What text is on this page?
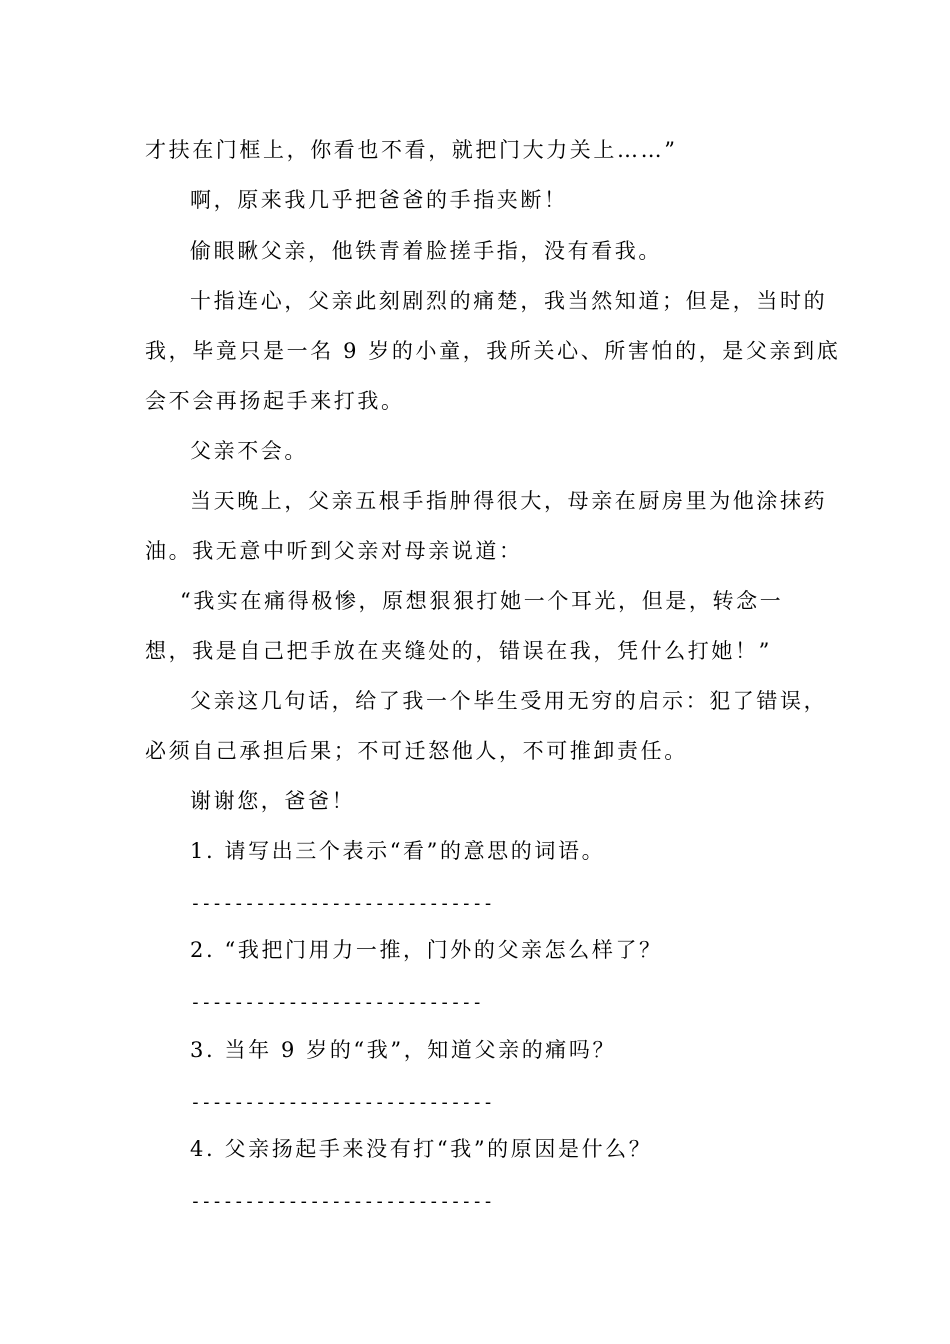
才扶在门框上，你看也不看，就把门大力关上……”
啊，原来我几乎把爸爸的手指夹断！
偷眼瞅父亲，他铁青着脸搓手指，没有看我。
十指连心，父亲此刻剧烈的痛楚，我当然知道；但是，当时的
我，毕竟只是一名 9 岁的小童，我所关心、所害怕的，是父亲到底
会不会再扬起手来打我。
父亲不会。
当天晚上，父亲五根手指肿得很大，母亲在厨房里为他涂抹药
油。我无意中听到父亲对母亲说道：
“我实在痛得极惨，原想狠狠打她一个耳光，但是，转念一
想，我是自己把手放在夹缝处的，错误在我，凭什么打她！”
父亲这几句话，给了我一个毕生受用无穷的启示：犯了错误，
必须自己承担后果；不可迁怒他人，不可推卸责任。
谢谢您，爸爸！
1. 请写出三个表示“看”的意思的词语。
----------------------------
2. “我把门用力一推，门外的父亲怎么样了？
---------------------------
3. 当年 9 岁的“我”，知道父亲的痛吗？
----------------------------
4. 父亲扬起手来没有打“我”的原因是什么？
----------------------------
